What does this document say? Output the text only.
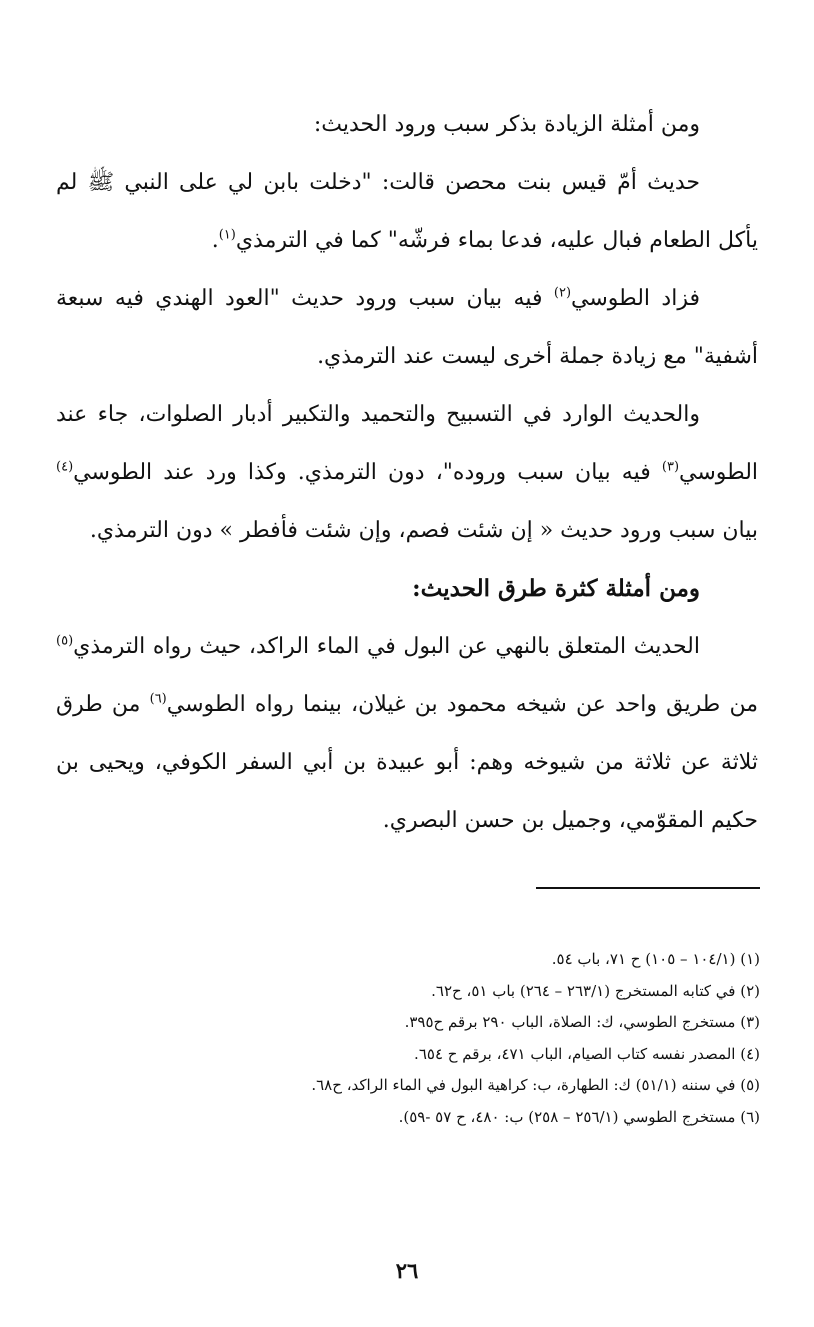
ومن أمثلة الزيادة بذكر سبب ورود الحديث:

حديث أمّ قيس بنت محصن قالت: "دخلت بابن لي على النبي ﷺ لم يأكل الطعام فبال عليه، فدعا بماء فرشّه" كما في الترمذي$^{(١)}$.

فزاد الطوسي$^{(٢)}$ فيه بيان سبب ورود حديث "العود الهندي فيه سبعة أشفية" مع زيادة جملة أخرى ليست عند الترمذي.

والحديث الوارد في التسبيح والتحميد والتكبير أدبار الصلوات، جاء عند الطوسي$^{(٣)}$ فيه بيان سبب وروده"، دون الترمذي. وكذا ورد عند الطوسي$^{(٤)}$ بيان سبب ورود حديث « إن شئت فصم، وإن شئت فأفطر » دون الترمذي.

ومن أمثلة كثرة طرق الحديث:

الحديث المتعلق بالنهي عن البول في الماء الراكد، حيث رواه الترمذي$^{(٥)}$ من طريق واحد عن شيخه محمود بن غيلان، بينما رواه الطوسي$^{(٦)}$ من طرق ثلاثة عن ثلاثة من شيوخه وهم: أبو عبيدة بن أبي السفر الكوفي، ويحيى بن حكيم المقوّمي، وجميل بن حسن البصري.

(١) (١٠٤/١ – ١٠٥) ح ٧١، باب ٥٤.
(٢) في كتابه المستخرج (٢٦٣/١ – ٢٦٤) باب ٥١، ح٦٢.
(٣) مستخرج الطوسي، ك: الصلاة، الباب ٢٩٠ برقم ح٣٩٥.
(٤) المصدر نفسه كتاب الصيام، الباب ٤٧١، برقم ح ٦٥٤.
(٥) في سننه (٥١/١) ك: الطهارة، ب: كراهية البول في الماء الراكد، ح٦٨.
(٦) مستخرج الطوسي (٢٥٦/١ – ٢٥٨) ب: ٤٨٠، ح ٥٧ -٥٩).
٢٦
